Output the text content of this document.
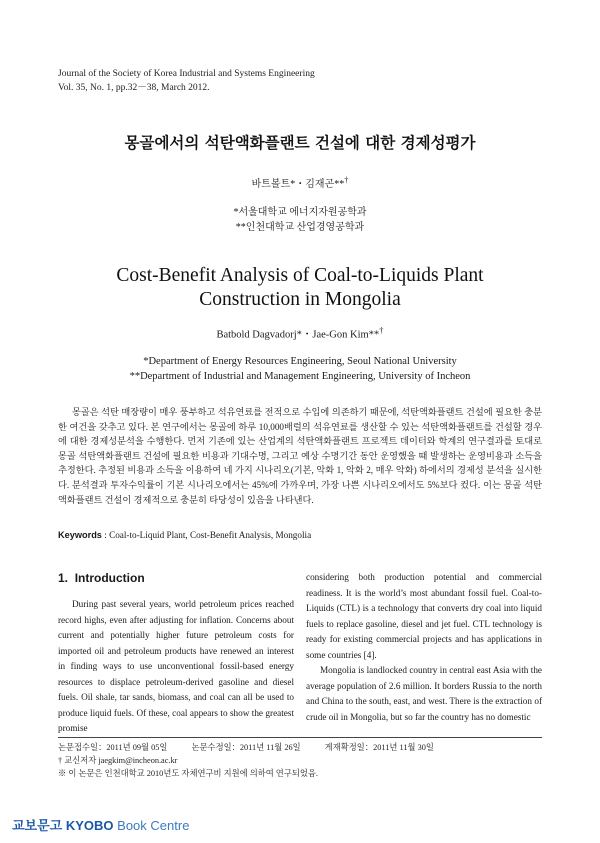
Journal of the Society of Korea Industrial and Systems Engineering
Vol. 35, No. 1, pp.32－38, March 2012.
몽골에서의 석탄액화플랜트 건설에 대한 경제성평가
바트볼트*・김재곤**†
*서울대학교 에너지자원공학과
**인천대학교 산업경영공학과
Cost-Benefit Analysis of Coal-to-Liquids Plant
Construction in Mongolia
Batbold Dagvadorj*・Jae-Gon Kim**†
*Department of Energy Resources Engineering, Seoul National University
**Department of Industrial and Management Engineering, University of Incheon

몽골은 석탄 매장량이 매우 풍부하고 석유연료를 전적으로 수입에 의존하기 때문에, 석탄액화플랜트 건설에 필요한 충분한 여건을 갖추고 있다. 본 연구에서는 몽골에 하루 10,000배럴의 석유연료를 생산할 수 있는 석탄액화플랜트를 건설할 경우에 대한 경제성분석을 수행한다. 먼저 기존에 있는 산업계의 석탄액화플랜트 프로젝트 데이터와 학계의 연구결과를 토대로 몽골 석탄액화플랜트 건설에 필요한 비용과 기대수명, 그리고 예상 수명기간 동안 운영했을 때 발생하는 운영비용과 소득을 추정한다. 추정된 비용과 소득을 이용하여 네 가지 시나리오(기본, 악화 1, 악화 2, 매우 악화) 하에서의 경제성 분석을 실시한다. 분석결과 투자수익률이 기본 시나리오에서는 45%에 가까우며, 가장 나쁜 시나리오에서도 5%보다 컸다. 이는 몽골 석탄액화플랜트 건설이 경제적으로 충분히 타당성이 있음을 나타낸다.

Keywords : Coal-to-Liquid Plant, Cost-Benefit Analysis, Mongolia
1. Introduction

During past several years, world petroleum prices reached record highs, even after adjusting for inflation. Concerns about current and potentially higher future petroleum costs for imported oil and petroleum products have renewed an interest in finding ways to use unconventional fossil-based energy resources to displace petroleum-derived gasoline and diesel fuels. Oil shale, tar sands, biomass, and coal can all be used to produce liquid fuels. Of these, coal appears to show the greatest promise

considering both production potential and commercial readiness. It is the world’s most abundant fossil fuel. Coal-to-Liquids (CTL) is a technology that converts dry coal into liquid fuels to replace gasoline, diesel and jet fuel. CTL technology is ready for existing commercial projects and has applications in some countries [4].

Mongolia is landlocked country in central east Asia with the average population of 2.6 million. It borders Russia to the north and China to the south, east, and west. There is the extraction of crude oil in Mongolia, but so far the country has no domestic

논문접수일：2011년 09월 05일	논문수정일：2011년 11월 26일	게재확정일：2011년 11월 30일
† 교신저자 jaegkim@incheon.ac.kr
※ 이 논문은 인천대학교 2010년도 자체연구비 지원에 의하여 연구되었음.
교보문고 KYOBO Book Centre
